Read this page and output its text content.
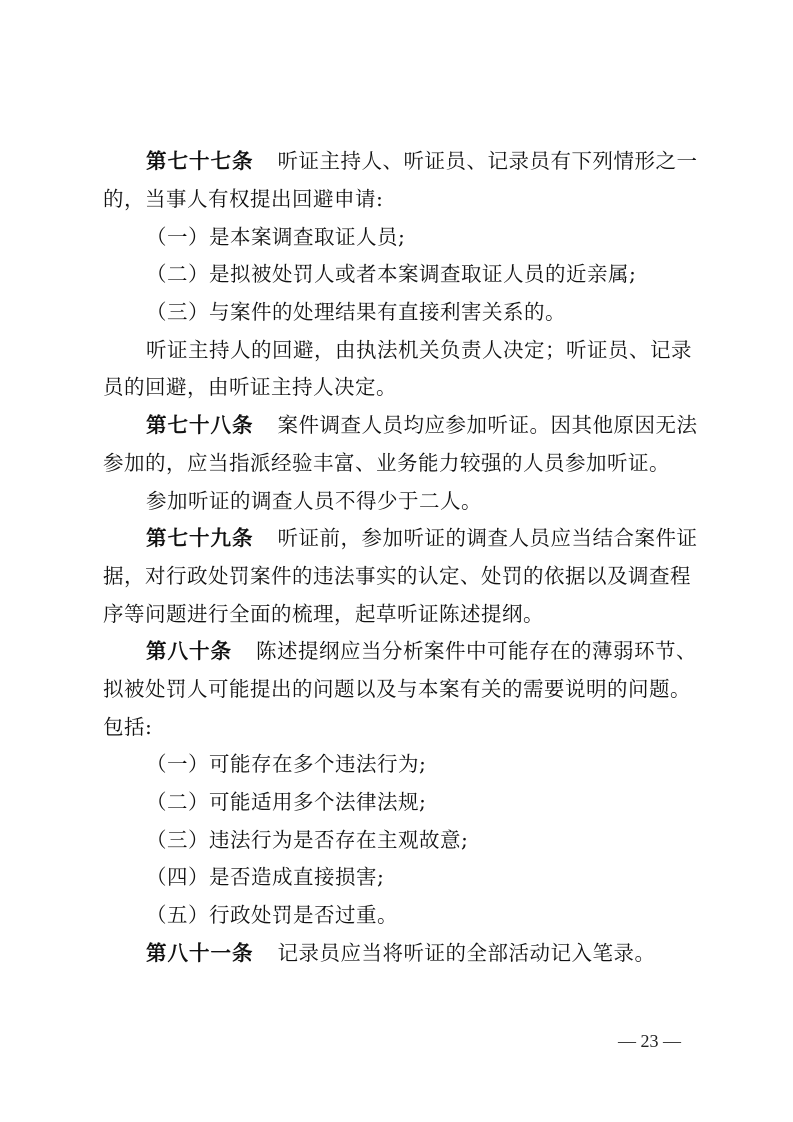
第七十七条 听证主持人、听证员、记录员有下列情形之一
的，当事人有权提出回避申请:
（一）是本案调查取证人员;
（二）是拟被处罚人或者本案调查取证人员的近亲属;
（三）与案件的处理结果有直接利害关系的。
听证主持人的回避，由执法机关负责人决定；听证员、记录
员的回避，由听证主持人决定。
第七十八条 案件调查人员均应参加听证。因其他原因无法
参加的，应当指派经验丰富、业务能力较强的人员参加听证。
参加听证的调查人员不得少于二人。
第七十九条 听证前，参加听证的调查人员应当结合案件证
据，对行政处罚案件的违法事实的认定、处罚的依据以及调查程
序等问题进行全面的梳理，起草听证陈述提纲。
第八十条 陈述提纲应当分析案件中可能存在的薄弱环节、
拟被处罚人可能提出的问题以及与本案有关的需要说明的问题。
包括:
（一）可能存在多个违法行为;
（二）可能适用多个法律法规;
（三）违法行为是否存在主观故意;
（四）是否造成直接损害;
（五）行政处罚是否过重。
第八十一条 记录员应当将听证的全部活动记入笔录。
— 23 —
